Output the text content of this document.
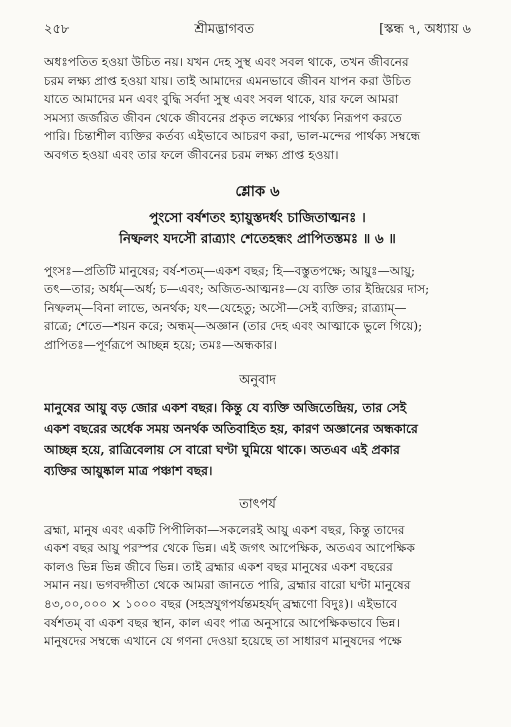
২৫৮	শ্রীমদ্ভাগবত	[স্কন্ধ ৭, অধ্যায় ৬

অধঃপতিত হওয়া উচিত নয়। যখন দেহ সুস্থ এবং সবল থাকে, তখন জীবনের
চরম লক্ষ্য প্রাপ্ত হওয়া যায়। তাই আমাদের এমনভাবে জীবন যাপন করা উচিত
যাতে আমাদের মন এবং বুদ্ধি সর্বদা সুস্থ এবং সবল থাকে, যার ফলে আমরা
সমস্যা জর্জরিত জীবন থেকে জীবনের প্রকৃত লক্ষ্যের পার্থক্য নিরূপণ করতে
পারি। চিন্তাশীল ব্যক্তির কর্তব্য এইভাবে আচরণ করা, ভাল-মন্দের পার্থক্য সম্বন্ধে
অবগত হওয়া এবং তার ফলে জীবনের চরম লক্ষ্য প্রাপ্ত হওয়া।

শ্লোক ৬
পুংসো বর্ষশতং হ্যায়ুস্তদর্ধং চাজিতাত্মনঃ ।
নিষ্ফলং যদসৌ রাত্র্যাং শেতেহন্ধং প্রাপিতস্তমঃ ॥ ৬ ॥

পুংসঃ—প্রতিটি মানুষের; বর্ষ-শতম্—একশ বছর; হি—বস্তুতপক্ষে; আয়ুঃ—আয়ু;
তৎ—তার; অর্ধম্—অর্ধ; চ—এবং; অজিত-আত্মনঃ—যে ব্যক্তি তার ইন্দ্রিয়ের দাস;
নিষ্ফলম্—বিনা লাভে, অনর্থক; যৎ—যেহেতু; অসৌ—সেই ব্যক্তির; রাত্র্যাম্—
রাত্রে; শেতে—শয়ন করে; অন্ধম্—অজ্ঞান (তার দেহ এবং আত্মাকে ভুলে গিয়ে);
প্রাপিতঃ—পূর্ণরূপে আচ্ছন্ন হয়ে; তমঃ—অন্ধকার।

অনুবাদ

মানুষের আয়ু বড় জোর একশ বছর। কিন্তু যে ব্যক্তি অজিতেন্দ্রিয়, তার সেই
একশ বছরের অর্ধেক সময় অনর্থক অতিবাহিত হয়, কারণ অজ্ঞানের অন্ধকারে
আচ্ছন্ন হয়ে, রাত্রিবেলায় সে বারো ঘণ্টা ঘুমিয়ে থাকে। অতএব এই প্রকার
ব্যক্তির আয়ুষ্কাল মাত্র পঞ্চাশ বছর।

তাৎপর্য

ব্রহ্মা, মানুষ এবং একটি পিপীলিকা—সকলেরই আয়ু একশ বছর, কিন্তু তাদের
একশ বছর আয়ু পরস্পর থেকে ভিন্ন। এই জগৎ আপেক্ষিক, অতএব আপেক্ষিক
কালও ভিন্ন ভিন্ন জীবে ভিন্ন। তাই ব্রহ্মার একশ বছর মানুষের একশ বছরের
সমান নয়। ভগবদ্গীতা থেকে আমরা জানতে পারি, ব্রহ্মার বারো ঘণ্টা মানুষের
৪৩,০০,০০০ × ১০০০ বছর (সহস্রযুগপর্যন্তমহর্যদ্ ব্রহ্মণো বিদুঃ)। এইভাবে
বর্ষশতম্ বা একশ বছর স্থান, কাল এবং পাত্র অনুসারে আপেক্ষিকভাবে ভিন্ন।
মানুষদের সম্বন্ধে এখানে যে গণনা দেওয়া হয়েছে তা সাধারণ মানুষদের পক্ষে
